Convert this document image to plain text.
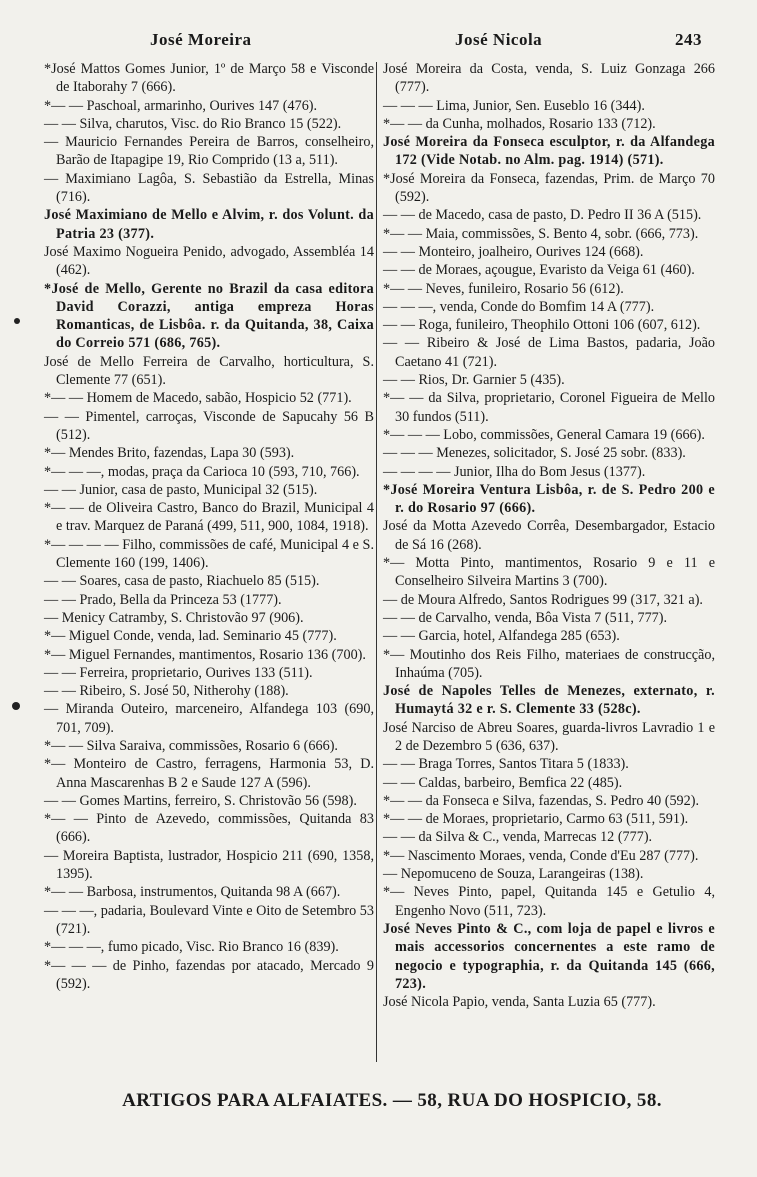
José Moreira	José Nicola	243

*José Mattos Gomes Junior, 1º de Março 58 e Visconde de Itaborahy 7 (666).

*— — Paschoal, armarinho, Ourives 147 (476).

— — Silva, charutos, Visc. do Rio Branco 15 (522).

— Mauricio Fernandes Pereira de Barros, conselheiro, Barão de Itapagipe 19, Rio Comprido (13 a, 511).

— Maximiano Lagôa, S. Sebastião da Estrella, Minas (716).

José Maximiano de Mello e Alvim, r. dos Volunt. da Patria 23 (377).

José Maximo Nogueira Penido, advogado, Assembléa 14 (462).

*José de Mello, Gerente no Brazil da casa editora David Corazzi, antiga empreza Horas Romanticas, de Lisbôa. r. da Quitanda, 38, Caixa do Correio 571 (686, 765).

José de Mello Ferreira de Carvalho, horticultura, S. Clemente 77 (651).

*— — Homem de Macedo, sabão, Hospicio 52 (771).

— — Pimentel, carroças, Visconde de Sapucahy 56 B (512).

*— Mendes Brito, fazendas, Lapa 30 (593).

*— — —, modas, praça da Carioca 10 (593, 710, 766).

— — Junior, casa de pasto, Municipal 32 (515).

*— — de Oliveira Castro, Banco do Brazil, Municipal 4 e trav. Marquez de Paraná (499, 511, 900, 1084, 1918).

*— — — — Filho, commissões de café, Municipal 4 e S. Clemente 160 (199, 1406).

— — Soares, casa de pasto, Riachuelo 85 (515).

— — Prado, Bella da Princeza 53 (1777).

— Menicy Catramby, S. Christovão 97 (906).

*— Miguel Conde, venda, lad. Seminario 45 (777).

*— Miguel Fernandes, mantimentos, Rosario 136 (700).

— — Ferreira, proprietario, Ourives 133 (511).

— — Ribeiro, S. José 50, Nitherohy (188).

— Miranda Outeiro, marceneiro, Alfandega 103 (690, 701, 709).

*— — Silva Saraiva, commissões, Rosario 6 (666).

*— Monteiro de Castro, ferragens, Harmonia 53, D. Anna Mascarenhas B 2 e Saude 127 A (596).

— — Gomes Martins, ferreiro, S. Christovão 56 (598).

*— — Pinto de Azevedo, commissões, Quitanda 83 (666).

— Moreira Baptista, lustrador, Hospicio 211 (690, 1358, 1395).

*— — Barbosa, instrumentos, Quitanda 98 A (667).

— — —, padaria, Boulevard Vinte e Oito de Setembro 53 (721).

*— — —, fumo picado, Visc. Rio Branco 16 (839).

*— — — de Pinho, fazendas por atacado, Mercado 9 (592).

José Moreira da Costa, venda, S. Luiz Gonzaga 266 (777).

— — — Lima, Junior, Sen. Euseblo 16 (344).

*— — da Cunha, molhados, Rosario 133 (712).

José Moreira da Fonseca esculptor, r. da Alfandega 172 (Vide Notab. no Alm. pag. 1914) (571).

*José Moreira da Fonseca, fazendas, Prim. de Março 70 (592).

— — de Macedo, casa de pasto, D. Pedro II 36 A (515).

*— — Maia, commissões, S. Bento 4, sobr. (666, 773).

— — Monteiro, joalheiro, Ourives 124 (668).

— — de Moraes, açougue, Evaristo da Veiga 61 (460).

*— — Neves, funileiro, Rosario 56 (612).

— — —, venda, Conde do Bomfim 14 A (777).

— — Roga, funileiro, Theophilo Ottoni 106 (607, 612).

— — Ribeiro & José de Lima Bastos, padaria, João Caetano 41 (721).

— — Rios, Dr. Garnier 5 (435).

*— — da Silva, proprietario, Coronel Figueira de Mello 30 fundos (511).

*— — — Lobo, commissões, General Camara 19 (666).

— — — Menezes, solicitador, S. José 25 sobr. (833).

— — — — Junior, Ilha do Bom Jesus (1377).

*José Moreira Ventura Lisbôa, r. de S. Pedro 200 e r. do Rosario 97 (666).

José da Motta Azevedo Corrêa, Desembargador, Estacio de Sá 16 (268).

*— Motta Pinto, mantimentos, Rosario 9 e 11 e Conselheiro Silveira Martins 3 (700).

— de Moura Alfredo, Santos Rodrigues 99 (317, 321 a).

— — de Carvalho, venda, Bôa Vista 7 (511, 777).

— — Garcia, hotel, Alfandega 285 (653).

*— Moutinho dos Reis Filho, materiaes de construcção, Inhaúma (705).

José de Napoles Telles de Menezes, externato, r. Humaytá 32 e r. S. Clemente 33 (528c).

José Narciso de Abreu Soares, guarda-livros Lavradio 1 e 2 de Dezembro 5 (636, 637).

— — Braga Torres, Santos Titara 5 (1833).

— — Caldas, barbeiro, Bemfica 22 (485).

*— — da Fonseca e Silva, fazendas, S. Pedro 40 (592).

*— — de Moraes, proprietario, Carmo 63 (511, 591).

— — da Silva & C., venda, Marrecas 12 (777).

*— Nascimento Moraes, venda, Conde d'Eu 287 (777).

— Nepomuceno de Souza, Larangeiras (138).

*— Neves Pinto, papel, Quitanda 145 e Getulio 4, Engenho Novo (511, 723).

José Neves Pinto & C., com loja de papel e livros e mais accessorios concernentes a este ramo de negocio e typographia, r. da Quitanda 145 (666, 723).

José Nicola Papio, venda, Santa Luzia 65 (777).

ARTIGOS PARA ALFAIATES. — 58, RUA DO HOSPICIO, 58.
